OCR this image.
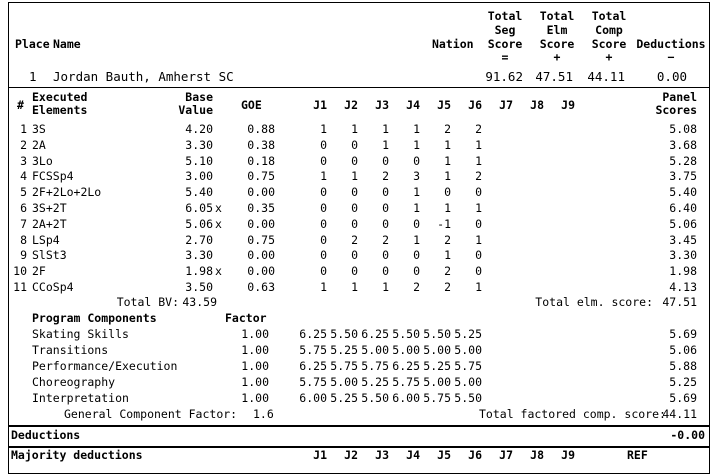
Place Name	Nation
Total
Seg
Score
=
Total
Elm
Score
+
Total
Comp
Score
+
Deductions
−
1 Jordan Bauth, Amherst SC	91.62 47.51	44.11	0.00
#
Executed
Elements
Base
Value GOE	J1	J2	J3	J4	J5	J6	J7	J8	J9
Panel
Scores
1 3S	4.20	0.88	1	1	1	1	2	2	5.08
2 2A	3.30	0.38	0	0	1	1	1	1	3.68
3 3Lo	5.10	0.18	0	0	0	0	1	1	5.28
4 FCSSp4	3.00	0.75	1	1	2	3	1	2	3.75
5 2F+2Lo+2Lo	5.40	0.00	0	0	0	1	0	0	5.40
6 3S+2T	6.05 x	0.35	0	0	0	1	1	1	6.40
7 2A+2T	5.06 x	0.00	0	0	0	0	-1	0	5.06
8 LSp4	2.70	0.75	0	2	2	1	2	1	3.45
9 SlSt3	3.30	0.00	0	0	0	0	1	0	3.30
10 2F	1.98 x	0.00	0	0	0	0	2	0	1.98
11 CCoSp4	3.50	0.63	1	1	1	2	2	1	4.13
Total BV: 43.59	Total elm. score: 47.51
Program Components	Factor
Skating Skills	1.00	6.25 5.50 6.25 5.50 5.50 5.25	5.69
Transitions	1.00	5.75 5.25 5.00 5.00 5.00 5.00	5.06
Performance/Execution	1.00	6.25 5.75 5.75 6.25 5.25 5.75	5.88
Choreography	1.00	5.75 5.00 5.25 5.75 5.00 5.00	5.25
Interpretation	1.00	6.00 5.25 5.50 6.00 5.75 5.50	5.69
General Component Factor: 1.6	Total factored comp. score:
44.11
Deductions	-0.00
Majority deductions	J1	J2	J3	J4	J5	J6	J7	J8	J9	REF
